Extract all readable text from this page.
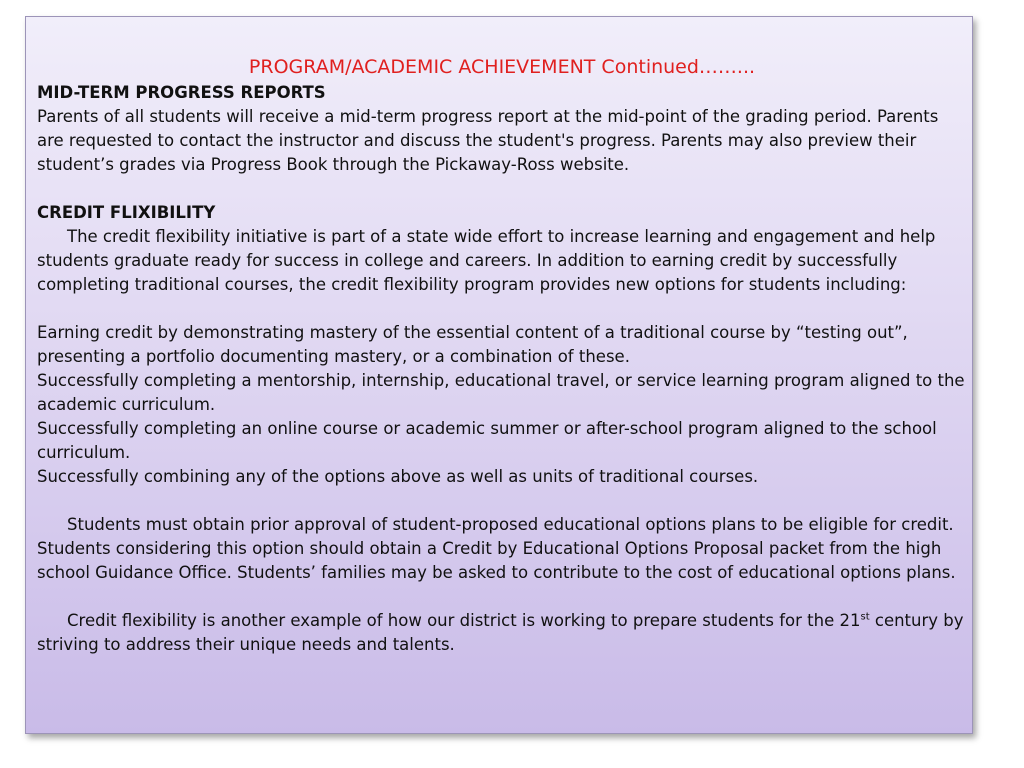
PROGRAM/ACADEMIC ACHIEVEMENT Continued……...
MID-TERM PROGRESS REPORTS
Parents of all students will receive a mid-term progress report at the mid-point of the grading period. Parents are requested to contact the instructor and discuss the student's progress. Parents may also preview their student’s grades via Progress Book through the Pickaway-Ross website.
CREDIT FLIXIBILITY
The credit flexibility initiative is part of a state wide effort to increase learning and engagement and help students graduate ready for success in college and careers. In addition to earning credit by successfully completing traditional courses, the credit flexibility program provides new options for students including:
Earning credit by demonstrating mastery of the essential content of a traditional course by “testing out”, presenting a portfolio documenting mastery, or a combination of these.
Successfully completing a mentorship, internship, educational travel, or service learning program aligned to the academic curriculum.
Successfully completing an online course or academic summer or after-school program aligned to the school curriculum.
Successfully combining any of the options above as well as units of traditional courses.
Students must obtain prior approval of student-proposed educational options plans to be eligible for credit. Students considering this option should obtain a Credit by Educational Options Proposal packet from the high school Guidance Office. Students’ families may be asked to contribute to the cost of educational options plans.
Credit flexibility is another example of how our district is working to prepare students for the 21st century by striving to address their unique needs and talents.
